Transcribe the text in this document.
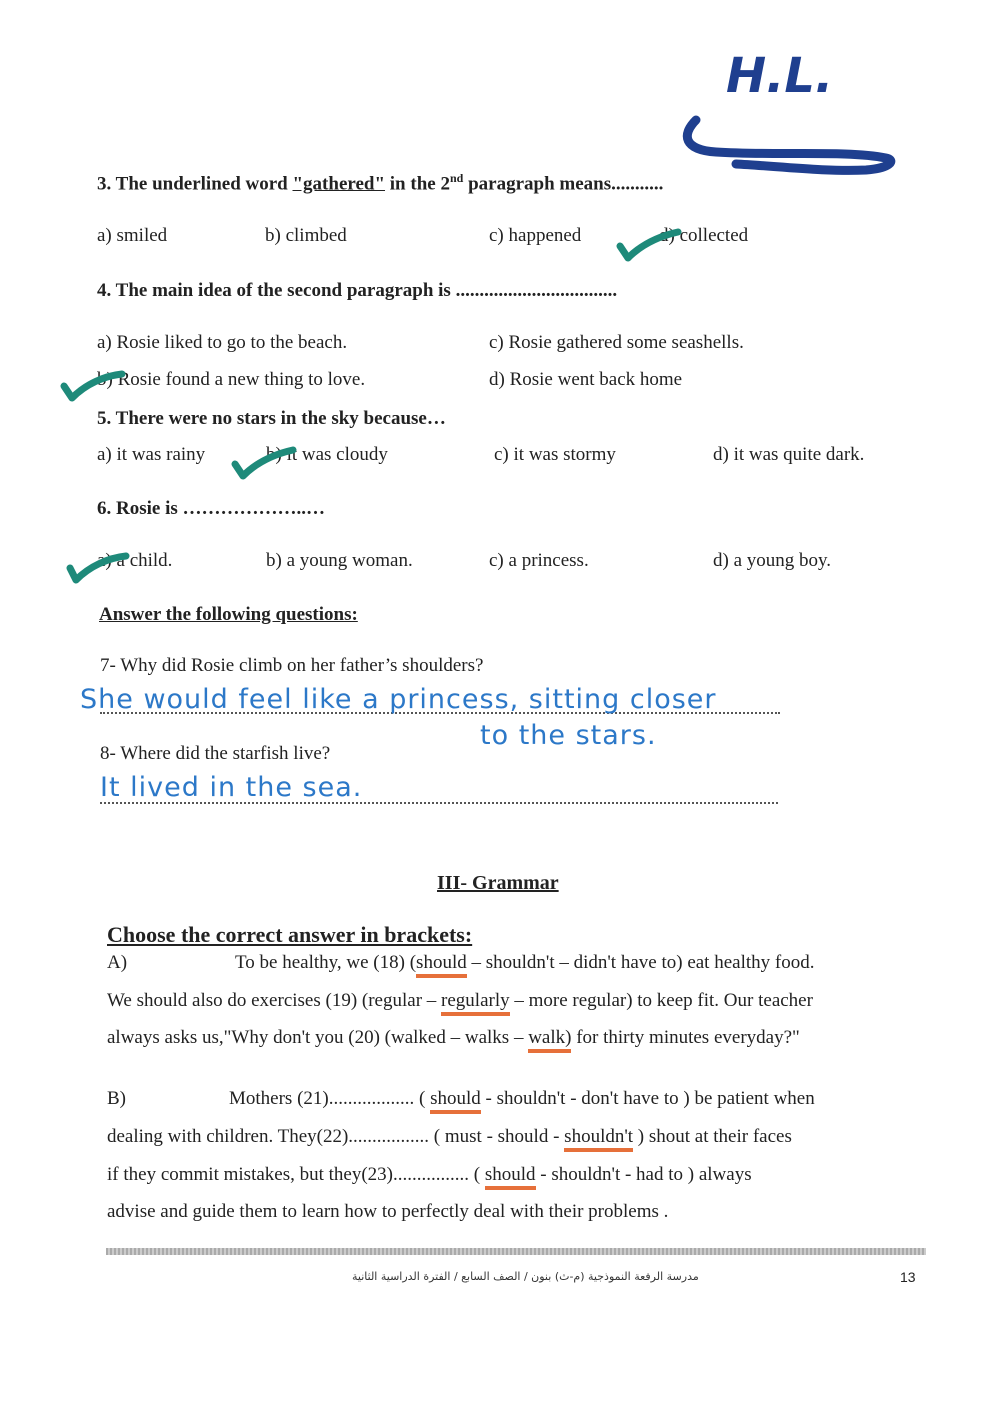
H.L.
3. The underlined word "gathered" in the 2nd paragraph means...........
a) smiled	b) climbed	c) happened	d) collected
4. The main idea of the second paragraph is ..................................
a) Rosie liked to go to the beach.
b) Rosie found a new thing to love.
c) Rosie gathered some seashells.
d) Rosie went back home
5. There were no stars in the sky because…
a) it was rainy	b) it was cloudy	c) it was stormy	d) it was quite dark.
6. Rosie is ………………..…
a) a child.	b) a young woman.	c) a princess.	d) a young boy.
Answer the following questions:
7- Why did Rosie climb on her father’s shoulders?
She would feel like a princess, sitting closer
to the stars.
8- Where did the starfish live?
It lived in the sea.
III- Grammar
Choose the correct answer in brackets:
A)	To be healthy, we (18) (should – shouldn't – didn't have to) eat healthy food.
We should also do exercises (19) (regular – regularly – more regular) to keep fit. Our teacher
always asks us,"Why don't you (20) (walked – walks – walk) for thirty minutes everyday?"
B)	Mothers (21).................. ( should - shouldn't - don't have to ) be patient when
dealing with children. They(22)................. ( must - should - shouldn't ) shout at their faces
if they commit mistakes, but they(23)................ ( should - shouldn't - had to ) always
advise and guide them to learn how to perfectly deal with their problems .
مدرسة الرفعة النموذجية (م-ث) بنون / الصف السابع / الفترة الدراسية الثانية	13
